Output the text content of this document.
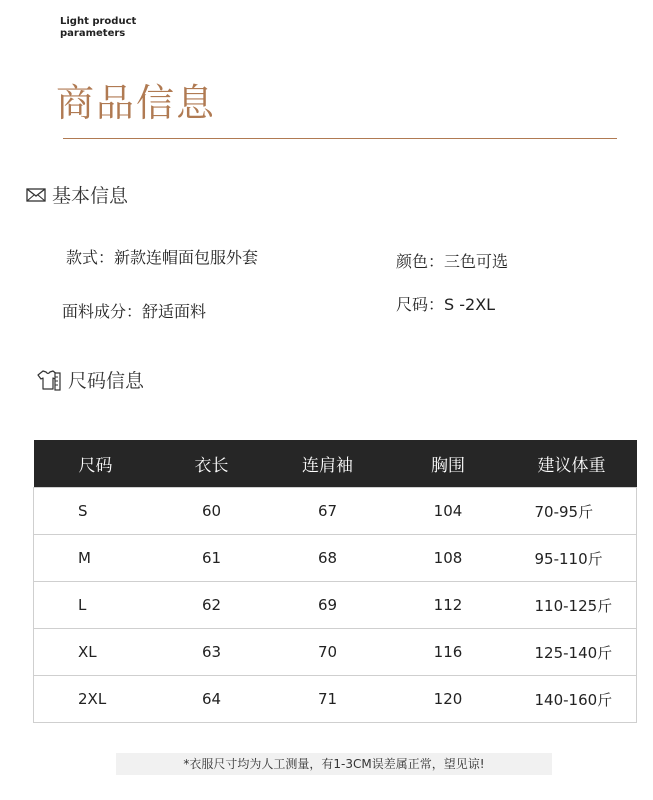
Light product
parameters
商品信息
基本信息
款式：新款连帽面包服外套	颜色：三色可选
面料成分：舒适面料	尺码：S -2XL
尺码信息
尺码	衣长	连肩袖	胸围	建议体重
S	60	67	104	70-95斤
M	61	68	108	95-110斤
L	62	69	112	110-125斤
XL	63	70	116	125-140斤
2XL	64	71	120	140-160斤
*衣服尺寸均为人工测量，有1-3CM误差属正常，望见谅!
